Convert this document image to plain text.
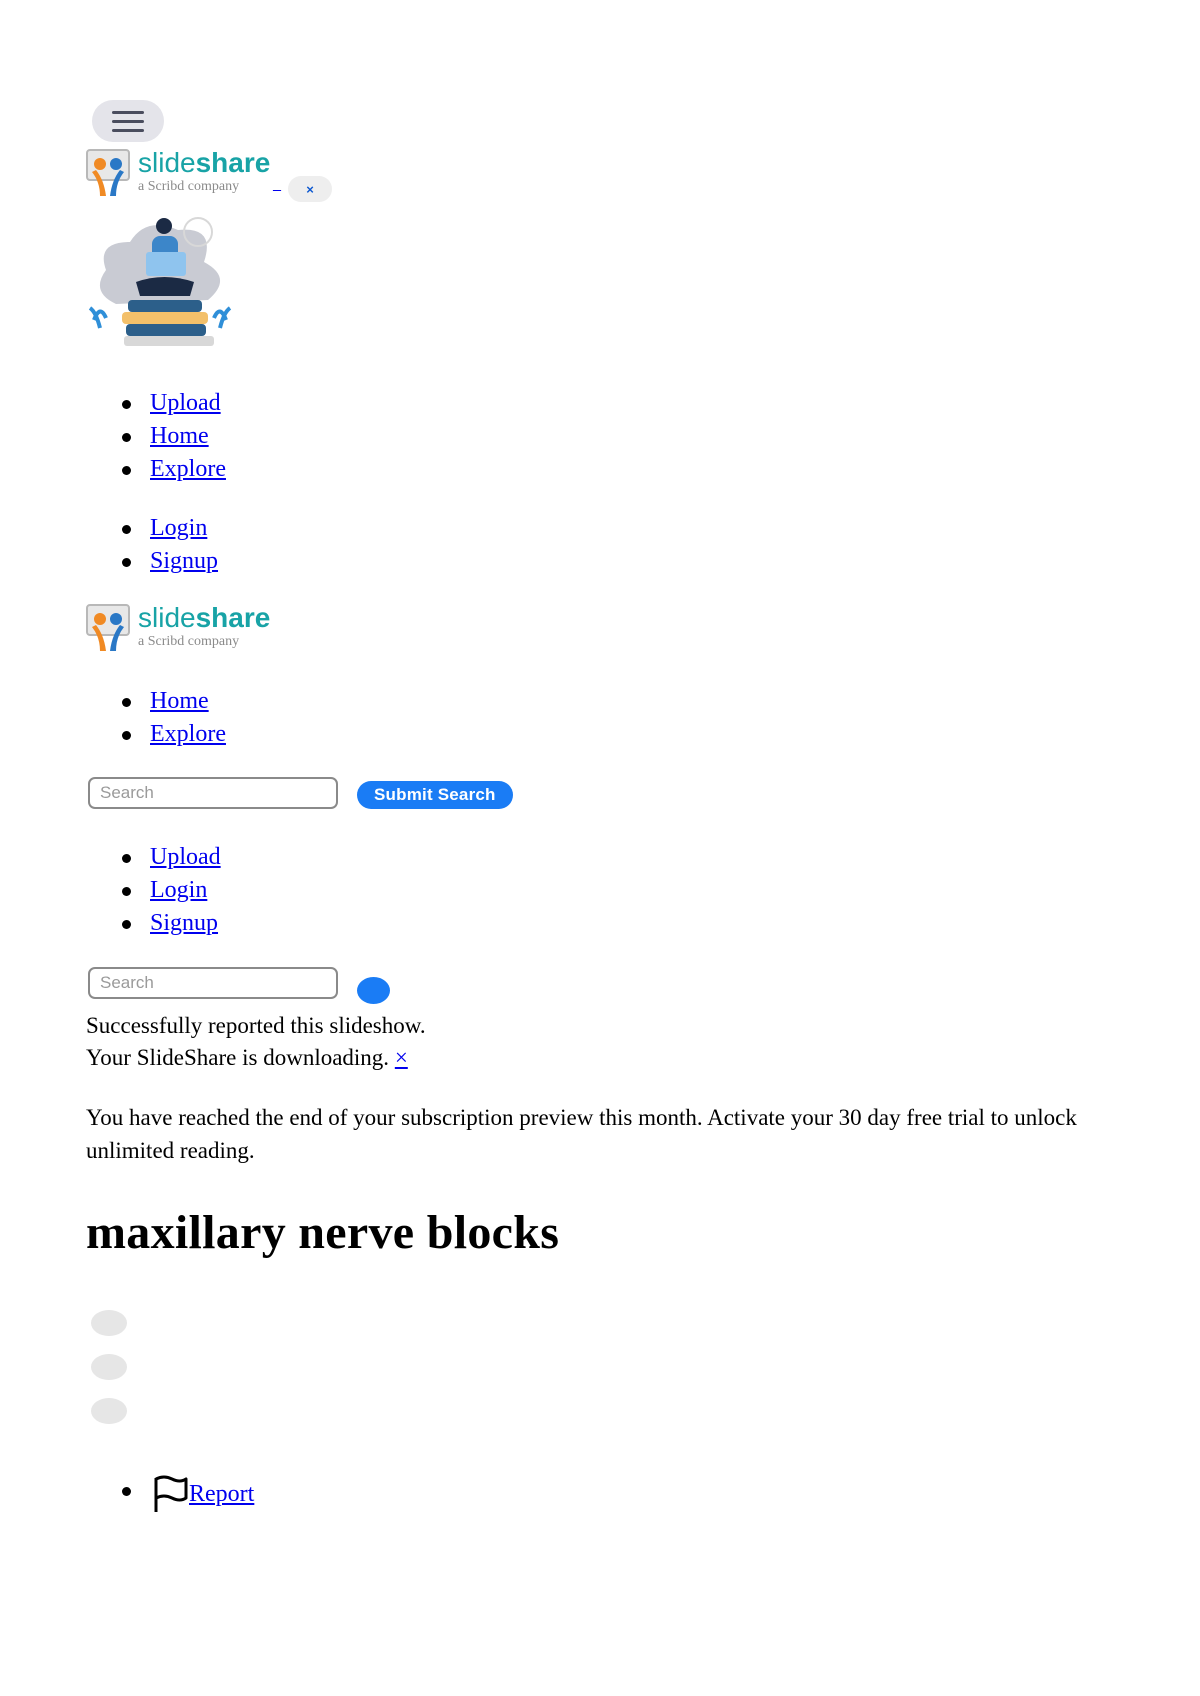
slideshare
a Scribd company	_	×
Upload
Home
Explore
Login
Signup
slideshare
a Scribd company
Home
Explore
Search	Submit Search
Upload
Login
Signup
Search
Successfully reported this slideshow.
Your SlideShare is downloading. ×
You have reached the end of your subscription preview this month. Activate your 30 day free trial to unlock unlimited reading.
maxillary nerve blocks
Report
